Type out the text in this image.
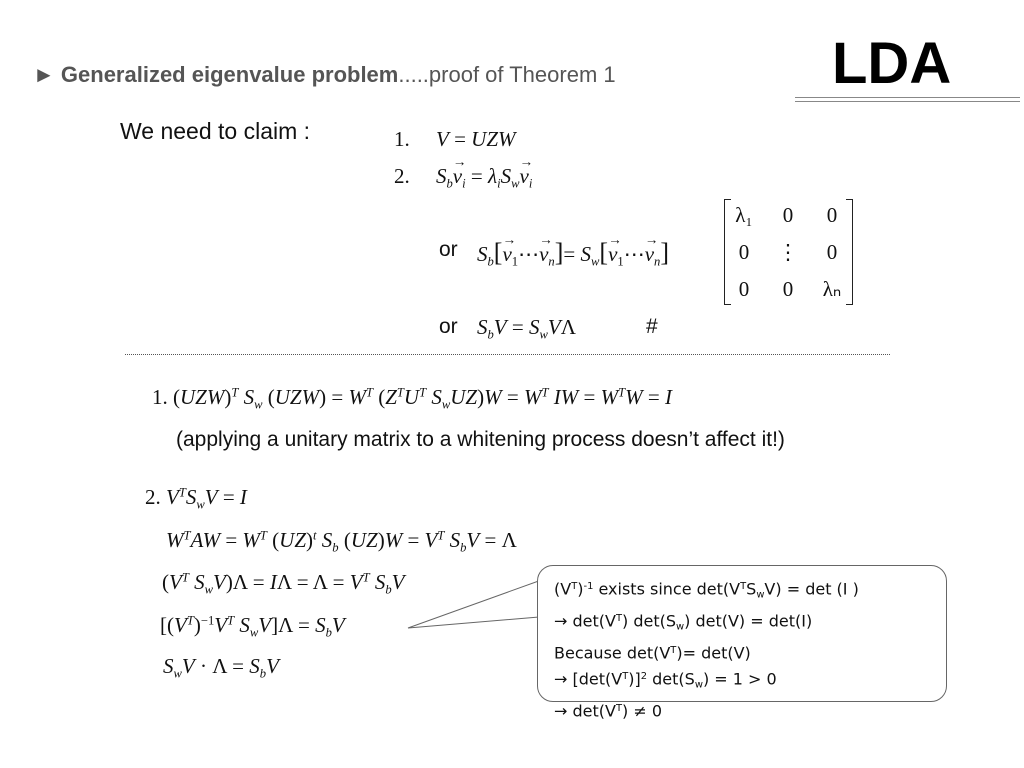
► Generalized eigenvalue problem.....proof of Theorem 1	LDA
We need to claim :	1. V = UZW
2. $S_b\to v_i = \lambda_iS_w\to v_i$
or $S_b[\to$ $v_1\cdots\to v_n]= S_w[\to$ $v_1\cdots\to v_n$]
λ₁	0	0
0	⋮	0
0	0	λₙ
or $S_bV = S_wV\Lambda$	#
1. (UZW)$^T$ $S_w$ $(UZW) = W^T$ ($Z^TU^T$ $S_wUZ)W = W^T$ IW = $W^TW = I$
(applying a unitary matrix to a whitening process doesn’t affect it!)
2. $V^TS_wV = I$
$W^TAW = W^T$ (UZ)$^t$ $S_b$ $(UZ)W = V^T$ $S_bV = \Lambda$
($V^T$ $S_wV)\Lambda = I\Lambda = \Lambda = V^T$ $S_bV$
[$(V^T)^{-1}V^T$ $S_wV]\Lambda = S_bV$
$S_wV \cdot \Lambda = S_bV$
$(V^T)^{-1}$ exists since $\det(V^TS_wV) = \det (I$ )
→ $\det(V^T)$ $\det(S_w) \det(V) = \det(I)$
Because $\det(V^T)= \det(V)$
→ $[\det(V^T)]^2$ $\det(S_w) = 1 > 0$
→ $\det(V^T) \ne 0$
